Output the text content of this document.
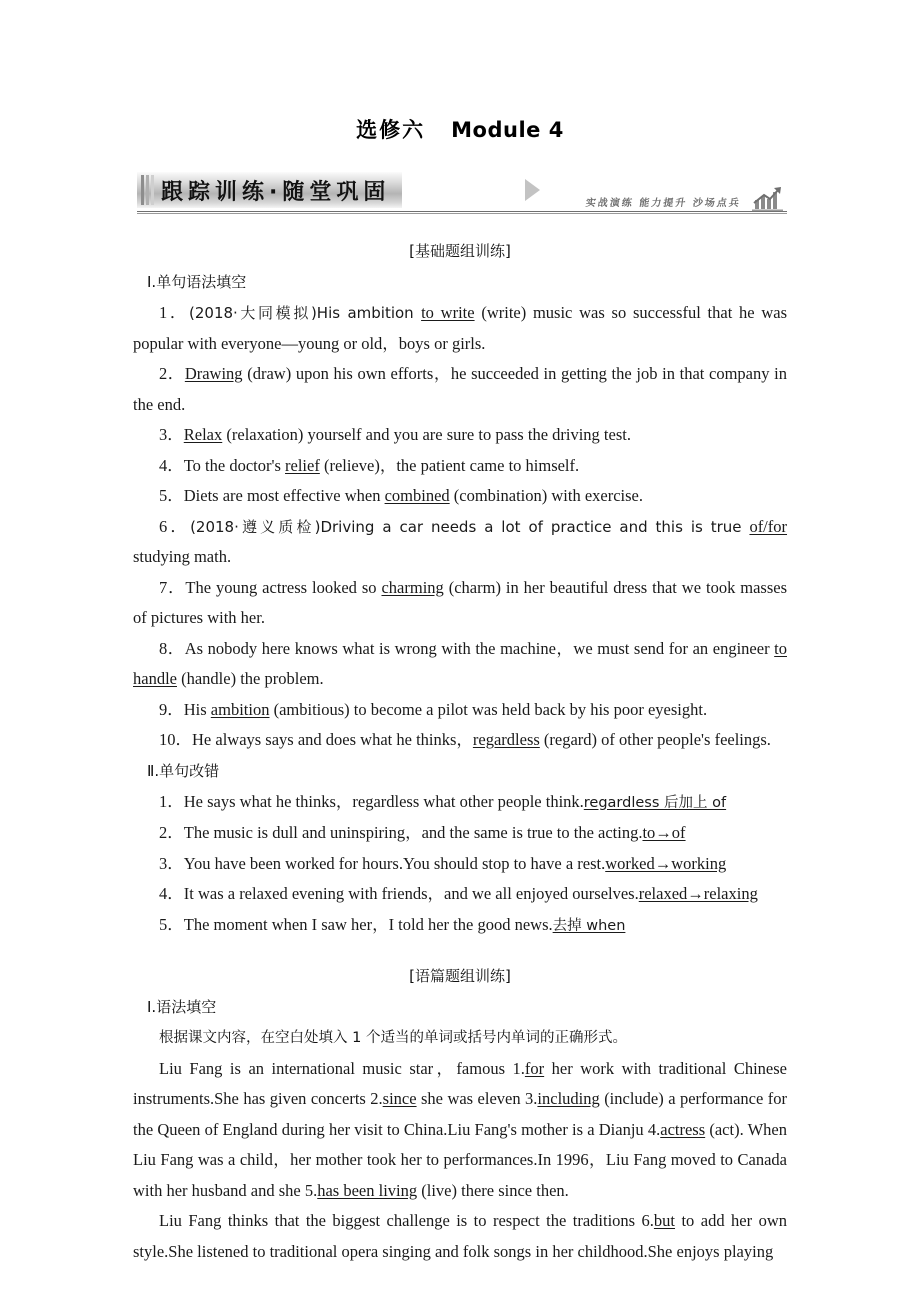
选修六 Module 4
跟踪训练·随堂巩固	实战演练 能力提升 沙场点兵
[基础题组训练]
Ⅰ.单句语法填空

1．(2018·大同模拟)His ambition to write (write) music was so successful that he was popular with everyone—young or old，boys or girls.

2．Drawing (draw) upon his own efforts，he succeeded in getting the job in that company in the end.

3．Relax (relaxation) yourself and you are sure to pass the driving test.

4．To the doctor's relief (relieve)，the patient came to himself.

5．Diets are most effective when combined (combination) with exercise.

6．(2018·遵义质检)Driving a car needs a lot of practice and this is true of/for studying math.

7．The young actress looked so charming (charm) in her beautiful dress that we took masses of pictures with her.

8．As nobody here knows what is wrong with the machine，we must send for an engineer to handle (handle) the problem.

9．His ambition (ambitious) to become a pilot was held back by his poor eyesight.

10．He always says and does what he thinks，regardless (regard) of other people's feelings.

Ⅱ.单句改错

1．He says what he thinks，regardless what other people think.regardless 后加上 of

2．The music is dull and uninspiring，and the same is true to the acting.to→of

3．You have been worked for hours.You should stop to have a rest.worked→working

4．It was a relaxed evening with friends，and we all enjoyed ourselves.relaxed→relaxing

5．The moment when I saw her，I told her the good news.去掉 when

[语篇题组训练]
Ⅰ.语法填空

根据课文内容，在空白处填入 1 个适当的单词或括号内单词的正确形式。

Liu Fang is an international music star，famous 1.for her work with traditional Chinese instruments.She has given concerts 2.since she was eleven 3.including (include) a performance for the Queen of England during her visit to China.Liu Fang's mother is a Dianju 4.actress (act). When Liu Fang was a child，her mother took her to performances.In 1996，Liu Fang moved to Canada with her husband and she 5.has been living (live) there since then.

Liu Fang thinks that the biggest challenge is to respect the traditions 6.but to add her own style.She listened to traditional opera singing and folk songs in her childhood.She enjoys playing
